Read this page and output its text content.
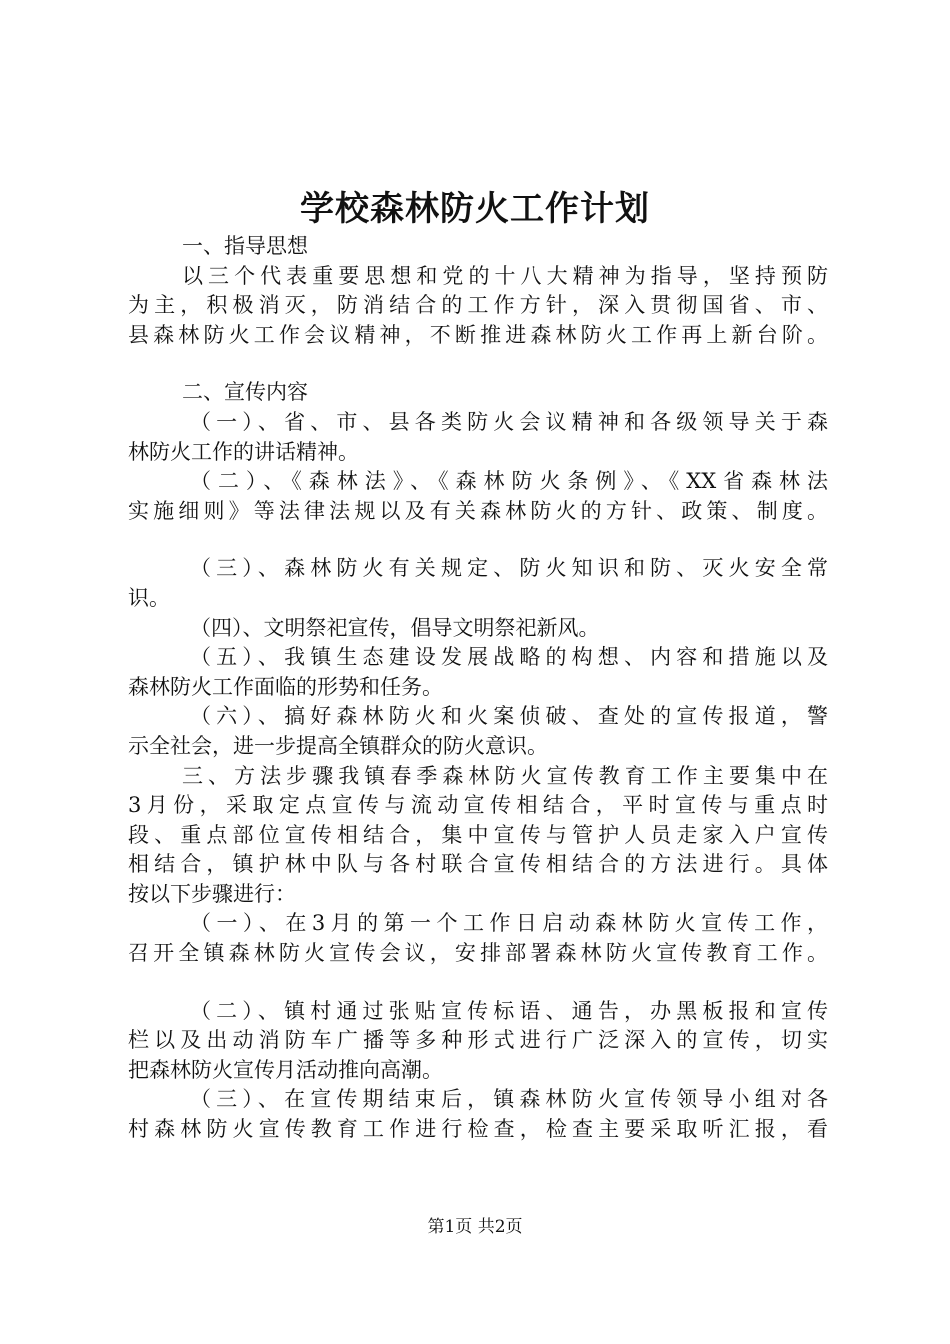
学校森林防火工作计划
一、指导思想
以三个代表重要思想和党的十八大精神为指导，坚持预防
为主，积极消灭，防消结合的工作方针，深入贯彻国省、市、
县森林防火工作会议精神，不断推进森林防火工作再上新台阶。
二、宣传内容
（一）、省、市、县各类防火会议精神和各级领导关于森
林防火工作的讲话精神。
（二）、《森林法》、《森林防火条例》、《XX省森林法
实施细则》等法律法规以及有关森林防火的方针、政策、制度。
（三）、森林防火有关规定、防火知识和防、灭火安全常
识。
（四）、文明祭祀宣传，倡导文明祭祀新风。
（五）、我镇生态建设发展战略的构想、内容和措施以及
森林防火工作面临的形势和任务。
（六）、搞好森林防火和火案侦破、查处的宣传报道，警
示全社会，进一步提高全镇群众的防火意识。
三、方法步骤我镇春季森林防火宣传教育工作主要集中在
3月份，采取定点宣传与流动宣传相结合，平时宣传与重点时
段、重点部位宣传相结合，集中宣传与管护人员走家入户宣传
相结合，镇护林中队与各村联合宣传相结合的方法进行。具体
按以下步骤进行：
（一）、在3月的第一个工作日启动森林防火宣传工作，
召开全镇森林防火宣传会议，安排部署森林防火宣传教育工作。
（二）、镇村通过张贴宣传标语、通告，办黑板报和宣传
栏以及出动消防车广播等多种形式进行广泛深入的宣传，切实
把森林防火宣传月活动推向高潮。
（三）、在宣传期结束后，镇森林防火宣传领导小组对各
村森林防火宣传教育工作进行检查，检查主要采取听汇报，看
第1页 共2页
